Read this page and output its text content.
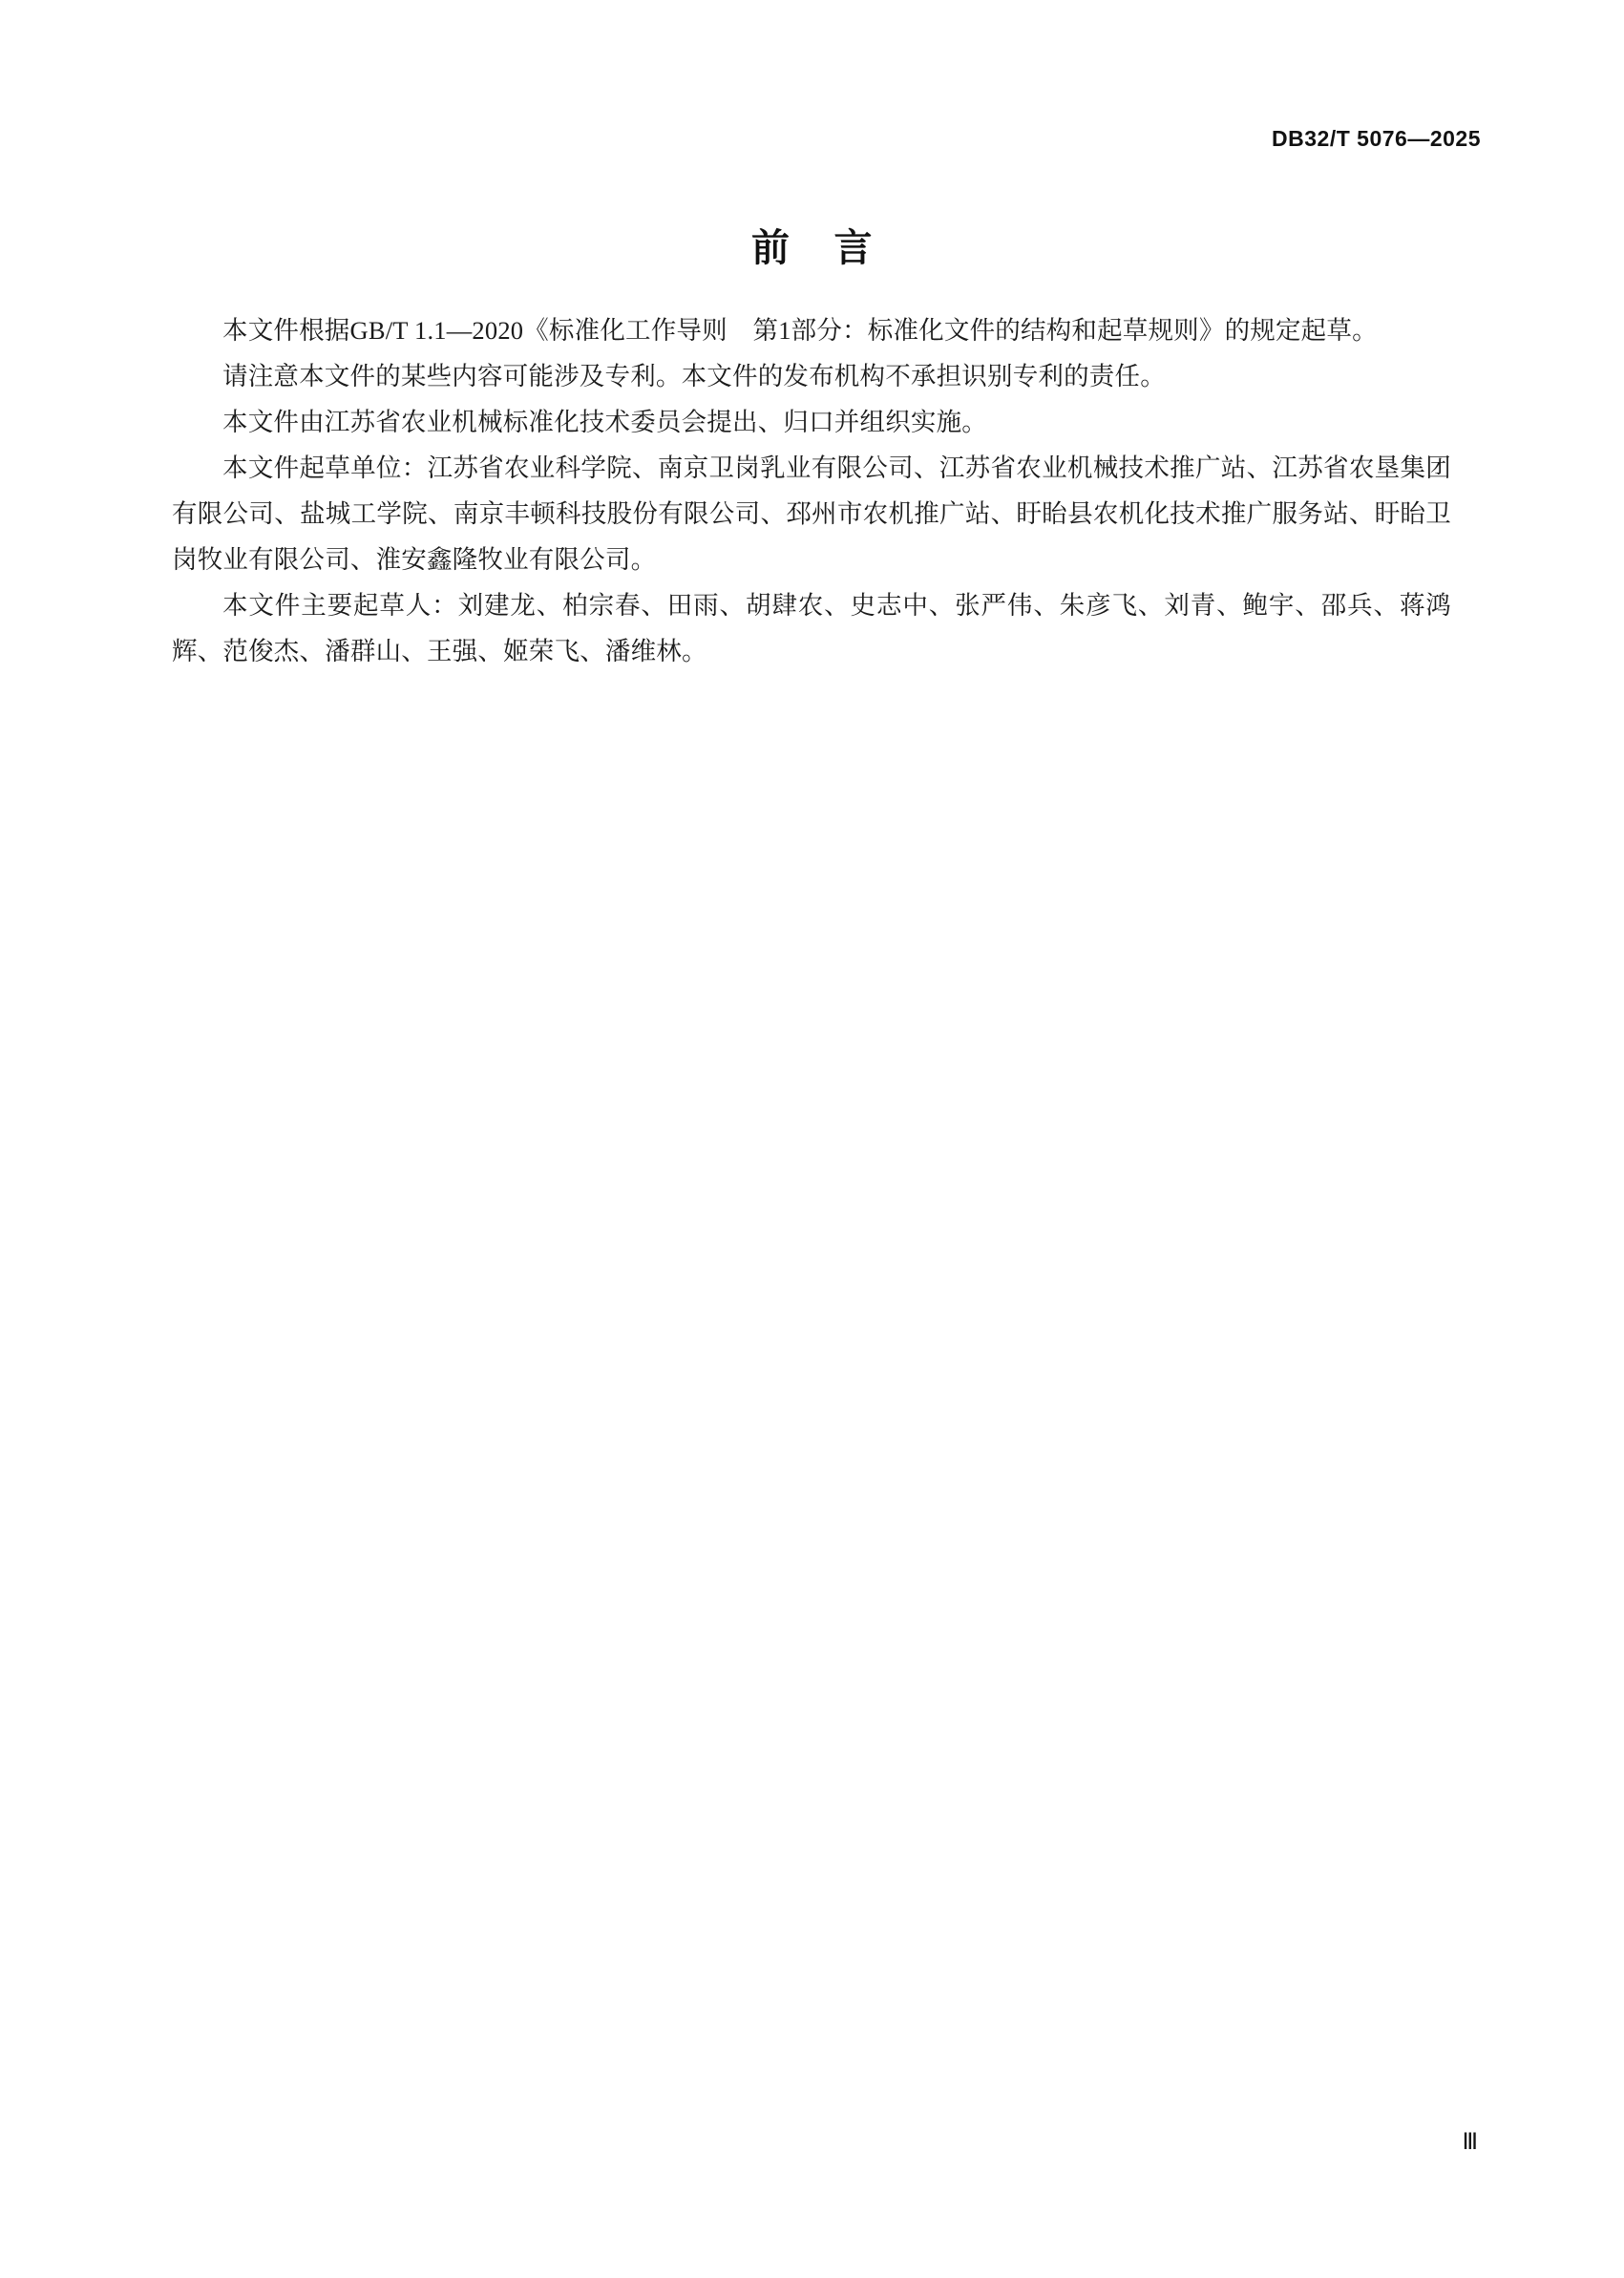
DB32/T 5076—2025
前 言

本文件根据GB/T 1.1—2020《标准化工作导则　第1部分：标准化文件的结构和起草规则》的规定起草。

请注意本文件的某些内容可能涉及专利。本文件的发布机构不承担识别专利的责任。

本文件由江苏省农业机械标准化技术委员会提出、归口并组织实施。

本文件起草单位：江苏省农业科学院、南京卫岗乳业有限公司、江苏省农业机械技术推广站、江苏省农垦集团有限公司、盐城工学院、南京丰顿科技股份有限公司、邳州市农机推广站、盱眙县农机化技术推广服务站、盱眙卫岗牧业有限公司、淮安鑫隆牧业有限公司。

本文件主要起草人：刘建龙、柏宗春、田雨、胡肆农、史志中、张严伟、朱彦飞、刘青、鲍宇、邵兵、蒋鸿辉、范俊杰、潘群山、王强、姬荣飞、潘维林。

Ⅲ
